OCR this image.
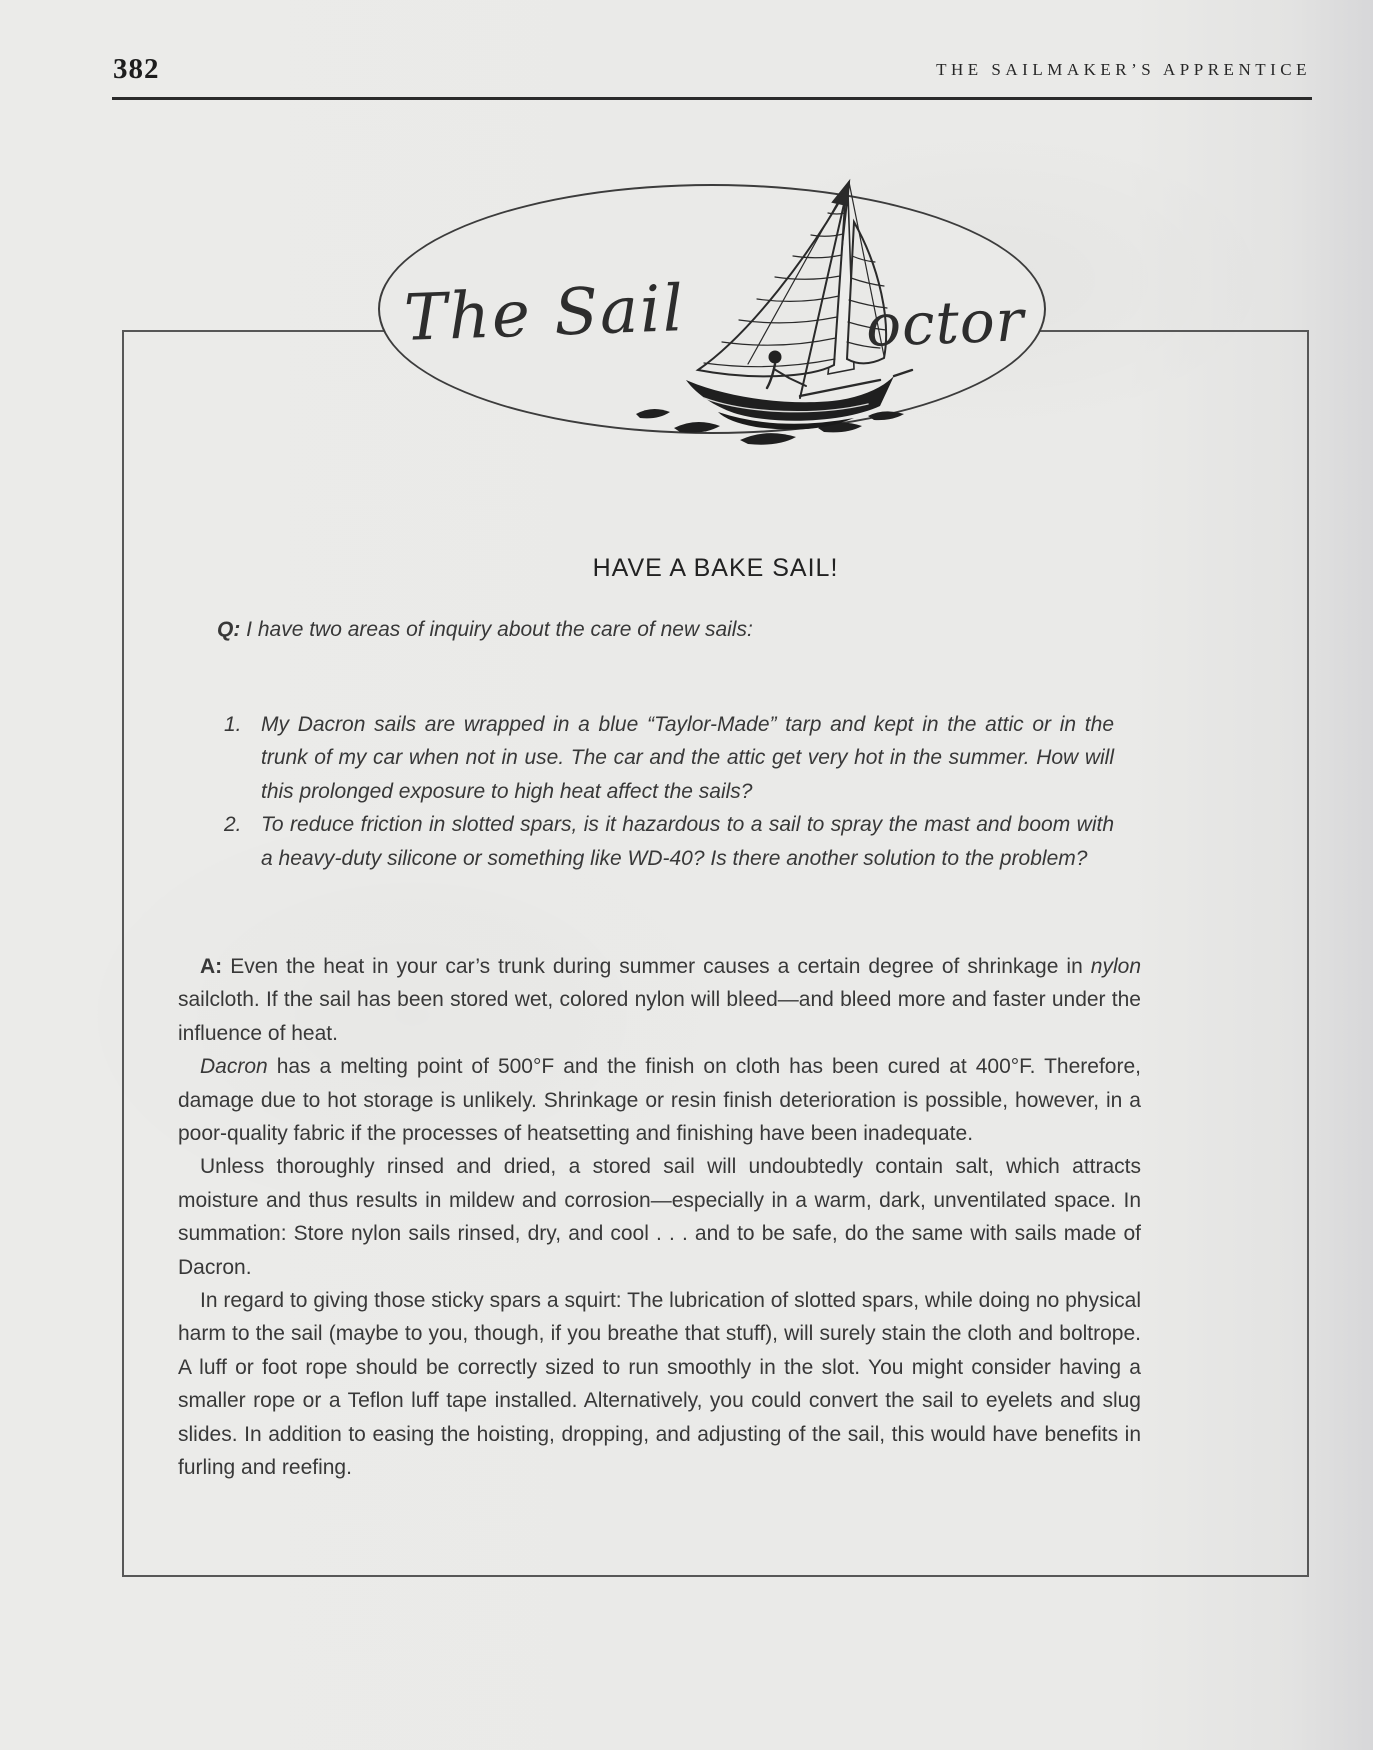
382	THE SAILMAKER’S APPRENTICE
HAVE A BAKE SAIL!
Q: I have two areas of inquiry about the care of new sails:
1. My Dacron sails are wrapped in a blue “Taylor-Made” tarp and kept in the attic or in the trunk of my car when not in use. The car and the attic get very hot in the summer. How will this prolonged exposure to high heat affect the sails?
2. To reduce friction in slotted spars, is it hazardous to a sail to spray the mast and boom with a heavy-duty silicone or something like WD-40? Is there another solution to the problem?

A: Even the heat in your car’s trunk during summer causes a certain degree of shrinkage in nylon sailcloth. If the sail has been stored wet, colored nylon will bleed—and bleed more and faster under the influence of heat.

Dacron has a melting point of 500°F and the finish on cloth has been cured at 400°F. Therefore, damage due to hot storage is unlikely. Shrinkage or resin finish deterioration is possible, however, in a poor-quality fabric if the processes of heatsetting and finishing have been inadequate.

Unless thoroughly rinsed and dried, a stored sail will undoubtedly contain salt, which attracts moisture and thus results in mildew and corrosion—especially in a warm, dark, unventilated space. In summation: Store nylon sails rinsed, dry, and cool . . . and to be safe, do the same with sails made of Dacron.

In regard to giving those sticky spars a squirt: The lubrication of slotted spars, while doing no physical harm to the sail (maybe to you, though, if you breathe that stuff), will surely stain the cloth and boltrope. A luff or foot rope should be correctly sized to run smoothly in the slot. You might consider having a smaller rope or a Teflon luff tape installed. Alternatively, you could convert the sail to eyelets and slug slides. In addition to easing the hoisting, dropping, and adjusting of the sail, this would have benefits in furling and reefing.

The Sail	octor
